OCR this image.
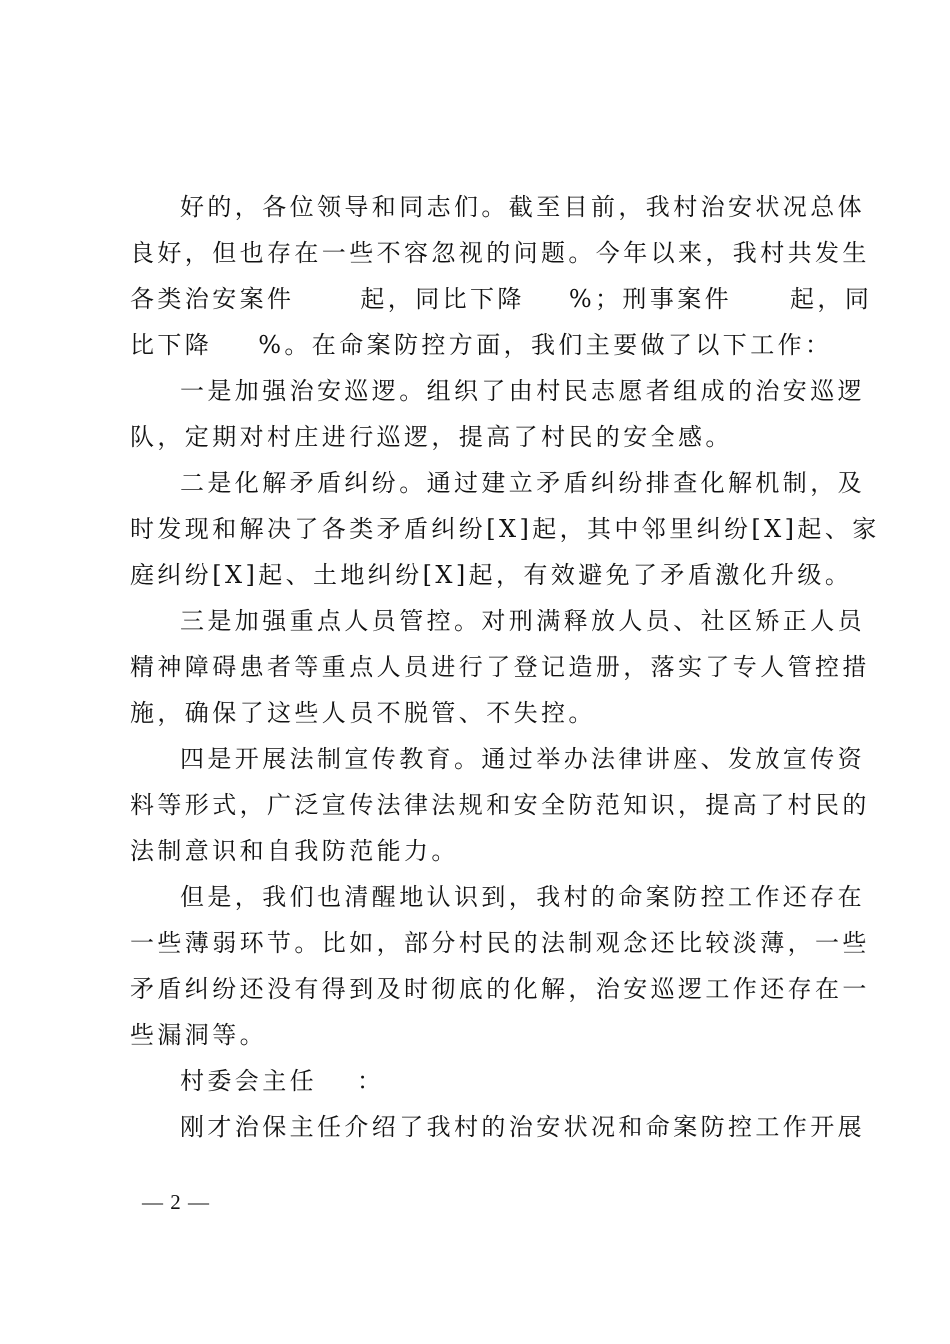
好的，各位领导和同志们。截至目前，我村治安状况总体
良好，但也存在一些不容忽视的问题。今年以来，我村共发生
各类治安案件	起，同比下降 %；刑事案件 起，同
比下降 %。在命案防控方面，我们主要做了以下工作：

一是加强治安巡逻。组织了由村民志愿者组成的治安巡逻
队，定期对村庄进行巡逻，提高了村民的安全感。

二是化解矛盾纠纷。通过建立矛盾纠纷排查化解机制，及
时发现和解决了各类矛盾纠纷[X]起，其中邻里纠纷[X]起、家
庭纠纷[X]起、土地纠纷[X]起，有效避免了矛盾激化升级。

三是加强重点人员管控。对刑满释放人员、社区矫正人员
精神障碍患者等重点人员进行了登记造册，落实了专人管控措
施，确保了这些人员不脱管、不失控。

四是开展法制宣传教育。通过举办法律讲座、发放宣传资
料等形式，广泛宣传法律法规和安全防范知识，提高了村民的
法制意识和自我防范能力。

但是，我们也清醒地认识到，我村的命案防控工作还存在
一些薄弱环节。比如，部分村民的法制观念还比较淡薄，一些
矛盾纠纷还没有得到及时彻底的化解，治安巡逻工作还存在一
些漏洞等。

村委会主任 ：

刚才治保主任介绍了我村的治安状况和命案防控工作开展

— 2 —
